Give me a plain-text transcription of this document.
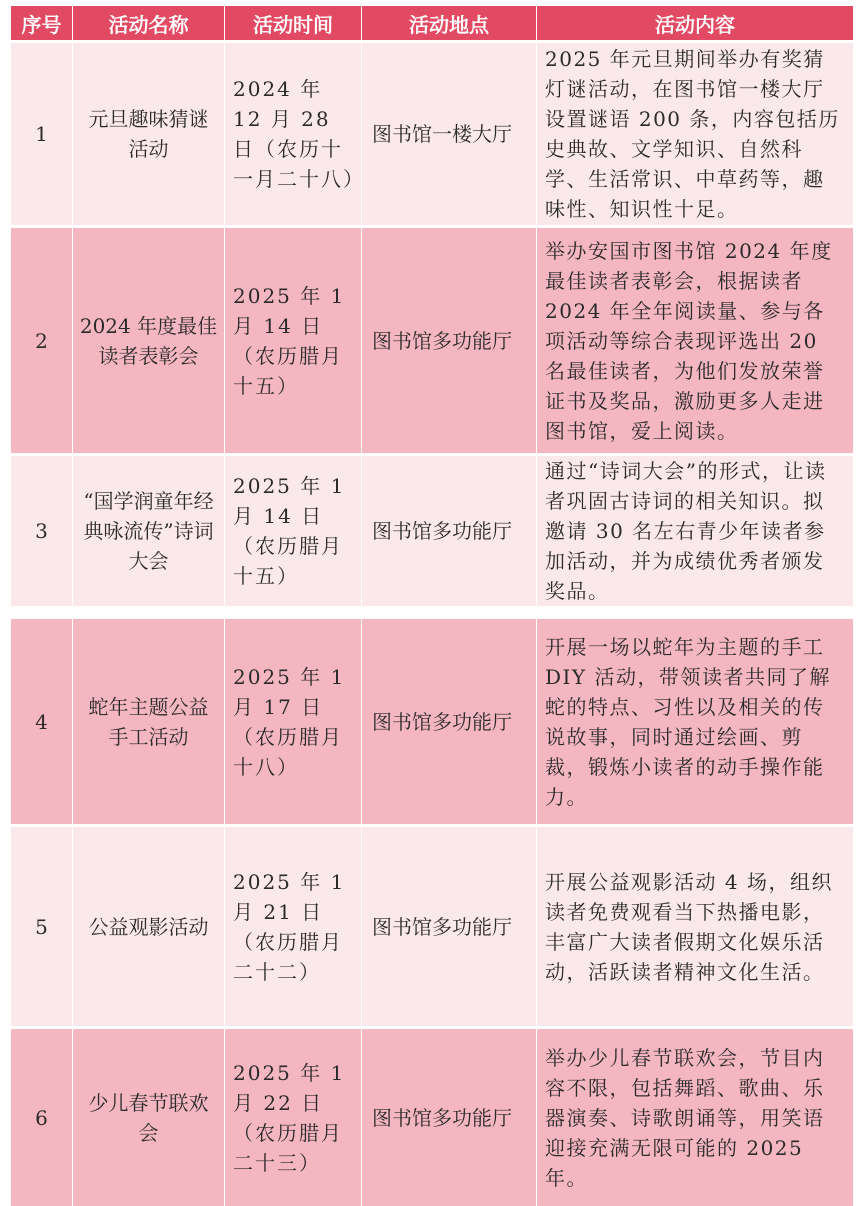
序号	活动名称	活动时间	活动地点	活动内容
1	元旦趣味猜谜活动	2024 年 12 月 28 日（农历十一月二十八）	图书馆一楼大厅	2025 年元旦期间举办有奖猜灯谜活动，在图书馆一楼大厅设置谜语 200 条，内容包括历史典故、文学知识、自然科学、生活常识、中草药等，趣味性、知识性十足。
2	2024 年度最佳读者表彰会	2025 年 1 月 14 日（农历腊月十五）	图书馆多功能厅	举办安国市图书馆 2024 年度最佳读者表彰会，根据读者 2024 年全年阅读量、参与各项活动等综合表现评选出 20 名最佳读者，为他们发放荣誉证书及奖品，激励更多人走进图书馆，爱上阅读。
3	“国学润童年经典咏流传”诗词大会	2025 年 1 月 14 日（农历腊月十五）	图书馆多功能厅	通过“诗词大会”的形式，让读者巩固古诗词的相关知识。拟邀请 30 名左右青少年读者参加活动，并为成绩优秀者颁发奖品。

4	蛇年主题公益手工活动	2025 年 1 月 17 日（农历腊月十八）	图书馆多功能厅	开展一场以蛇年为主题的手工 DIY 活动，带领读者共同了解蛇的特点、习性以及相关的传说故事，同时通过绘画、剪裁，锻炼小读者的动手操作能力。
5	公益观影活动	2025 年 1 月 21 日（农历腊月二十二）	图书馆多功能厅	开展公益观影活动 4 场，组织读者免费观看当下热播电影，丰富广大读者假期文化娱乐活动，活跃读者精神文化生活。
6	少儿春节联欢会	2025 年 1 月 22 日（农历腊月二十三）	图书馆多功能厅	举办少儿春节联欢会，节目内容不限，包括舞蹈、歌曲、乐器演奏、诗歌朗诵等，用笑语迎接充满无限可能的 2025 年。
